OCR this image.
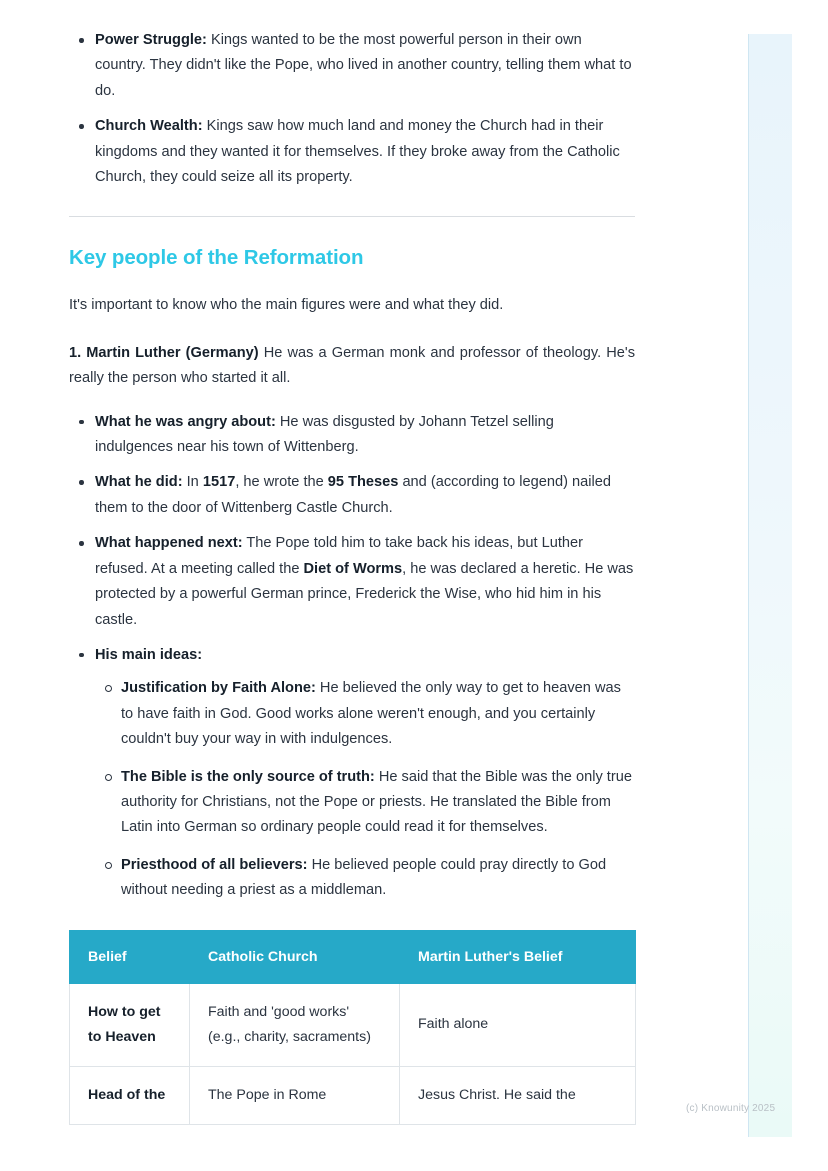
Power Struggle: Kings wanted to be the most powerful person in their own country. They didn't like the Pope, who lived in another country, telling them what to do.
Church Wealth: Kings saw how much land and money the Church had in their kingdoms and they wanted it for themselves. If they broke away from the Catholic Church, they could seize all its property.
Key people of the Reformation

It's important to know who the main figures were and what they did.

1. Martin Luther (Germany) He was a German monk and professor of theology. He's really the person who started it all.

What he was angry about: He was disgusted by Johann Tetzel selling indulgences near his town of Wittenberg.
What he did: In 1517, he wrote the 95 Theses and (according to legend) nailed them to the door of Wittenberg Castle Church.
What happened next: The Pope told him to take back his ideas, but Luther refused. At a meeting called the Diet of Worms, he was declared a heretic. He was protected by a powerful German prince, Frederick the Wise, who hid him in his castle.
His main ideas:
Justification by Faith Alone: He believed the only way to get to heaven was to have faith in God. Good works alone weren't enough, and you certainly couldn't buy your way in with indulgences.
The Bible is the only source of truth: He said that the Bible was the only true authority for Christians, not the Pope or priests. He translated the Bible from Latin into German so ordinary people could read it for themselves.
Priesthood of all believers: He believed people could pray directly to God without needing a priest as a middleman.
Belief	Catholic Church	Martin Luther's Belief
How to get to Heaven	Faith and 'good works' (e.g., charity, sacraments)	Faith alone
Head of the	The Pope in Rome	Jesus Christ. He said the
(c) Knowunity 2025
